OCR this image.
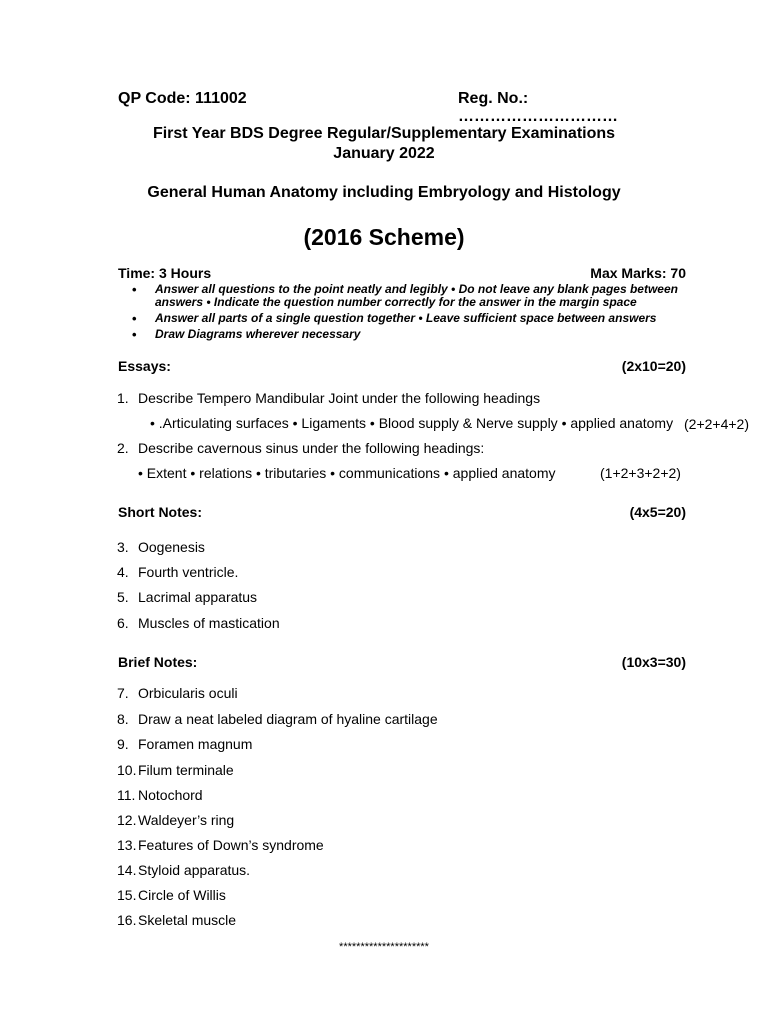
QP Code: 111002	Reg. No.: …………………………
First Year BDS Degree Regular/Supplementary Examinations
January 2022
General Human Anatomy including Embryology and Histology
(2016 Scheme)
Time: 3 Hours	Max Marks: 70
• Answer all questions to the point neatly and legibly • Do not leave any blank pages between answers • Indicate the question number correctly for the answer in the margin space
• Answer all parts of a single question together • Leave sufficient space between answers
• Draw Diagrams wherever necessary
Essays:	(2x10=20)
1. Describe Tempero Mandibular Joint under the following headings
• .Articulating surfaces • Ligaments • Blood supply & Nerve supply • applied anatomy (2+2+4+2)
2. Describe cavernous sinus under the following headings:
• Extent • relations • tributaries • communications • applied anatomy	(1+2+3+2+2)
Short Notes:	(4x5=20)
3. Oogenesis
4. Fourth ventricle.
5. Lacrimal apparatus
6. Muscles of mastication
Brief Notes:	(10x3=30)
7. Orbicularis oculi
8. Draw a neat labeled diagram of hyaline cartilage
9. Foramen magnum
10. Filum terminale
11. Notochord
12. Waldeyer’s ring
13. Features of Down’s syndrome
14. Styloid apparatus.
15. Circle of Willis
16. Skeletal muscle
*********************
